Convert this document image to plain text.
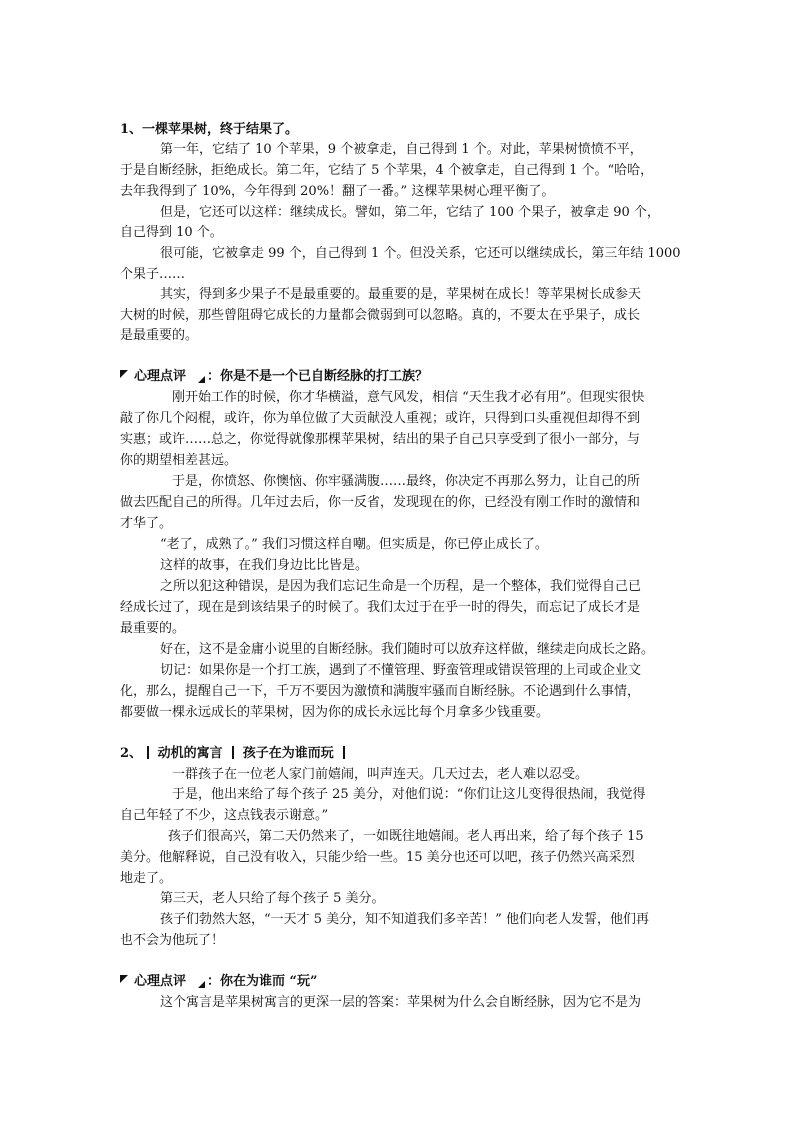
1、一棵苹果树，终于结果了。
第一年，它结了 10 个苹果，9 个被拿走，自己得到 1 个。对此，苹果树愤愤不平，
于是自断经脉，拒绝成长。第二年，它结了 5 个苹果，4 个被拿走，自己得到 1 个。“哈哈，
去年我得到了 10%，今年得到 20%！翻了一番。” 这棵苹果树心理平衡了。
但是，它还可以这样：继续成长。譬如，第二年，它结了 100 个果子，被拿走 90 个，
自己得到 10 个。
很可能，它被拿走 99 个，自己得到 1 个。但没关系，它还可以继续成长，第三年结 1000
个果子……
其实，得到多少果子不是最重要的。最重要的是，苹果树在成长！等苹果树长成参天
大树的时候，那些曾阻碍它成长的力量都会微弱到可以忽略。真的，不要太在乎果子，成长
是最重要的。
心理点评 ：你是不是一个已自断经脉的打工族？
刚开始工作的时候，你才华横溢，意气风发，相信 “天生我才必有用”。但现实很快
敲了你几个闷棍，或许，你为单位做了大贡献没人重视；或许，只得到口头重视但却得不到
实惠；或许……总之，你觉得就像那棵苹果树，结出的果子自己只享受到了很小一部分，与
你的期望相差甚远。
于是，你愤怒、你懊恼、你牢骚满腹……最终，你决定不再那么努力，让自己的所
做去匹配自己的所得。几年过去后，你一反省，发现现在的你，已经没有刚工作时的激情和
才华了。
“老了，成熟了。” 我们习惯这样自嘲。但实质是，你已停止成长了。
这样的故事，在我们身边比比皆是。
之所以犯这种错误，是因为我们忘记生命是一个历程，是一个整体，我们觉得自己已
经成长过了，现在是到该结果子的时候了。我们太过于在乎一时的得失，而忘记了成长才是
最重要的。
好在，这不是金庸小说里的自断经脉。我们随时可以放弃这样做，继续走向成长之路。
切记：如果你是一个打工族，遇到了不懂管理、野蛮管理或错误管理的上司或企业文
化，那么，提醒自己一下，千万不要因为激愤和满腹牢骚而自断经脉。不论遇到什么事情，
都要做一棵永远成长的苹果树，因为你的成长永远比每个月拿多少钱重要。
2、 动机的寓言 孩子在为谁而玩
一群孩子在一位老人家门前嬉闹，叫声连天。几天过去，老人难以忍受。
于是，他出来给了每个孩子 25 美分，对他们说：“你们让这儿变得很热闹，我觉得
自己年轻了不少，这点钱表示谢意。”
孩子们很高兴，第二天仍然来了，一如既往地嬉闹。老人再出来，给了每个孩子 15
美分。他解释说，自己没有收入，只能少给一些。15 美分也还可以吧，孩子仍然兴高采烈
地走了。
第三天，老人只给了每个孩子 5 美分。
孩子们勃然大怒，“一天才 5 美分，知不知道我们多辛苦！” 他们向老人发誓，他们再
也不会为他玩了！
心理点评 ：你在为谁而 “玩”
这个寓言是苹果树寓言的更深一层的答案：苹果树为什么会自断经脉，因为它不是为
